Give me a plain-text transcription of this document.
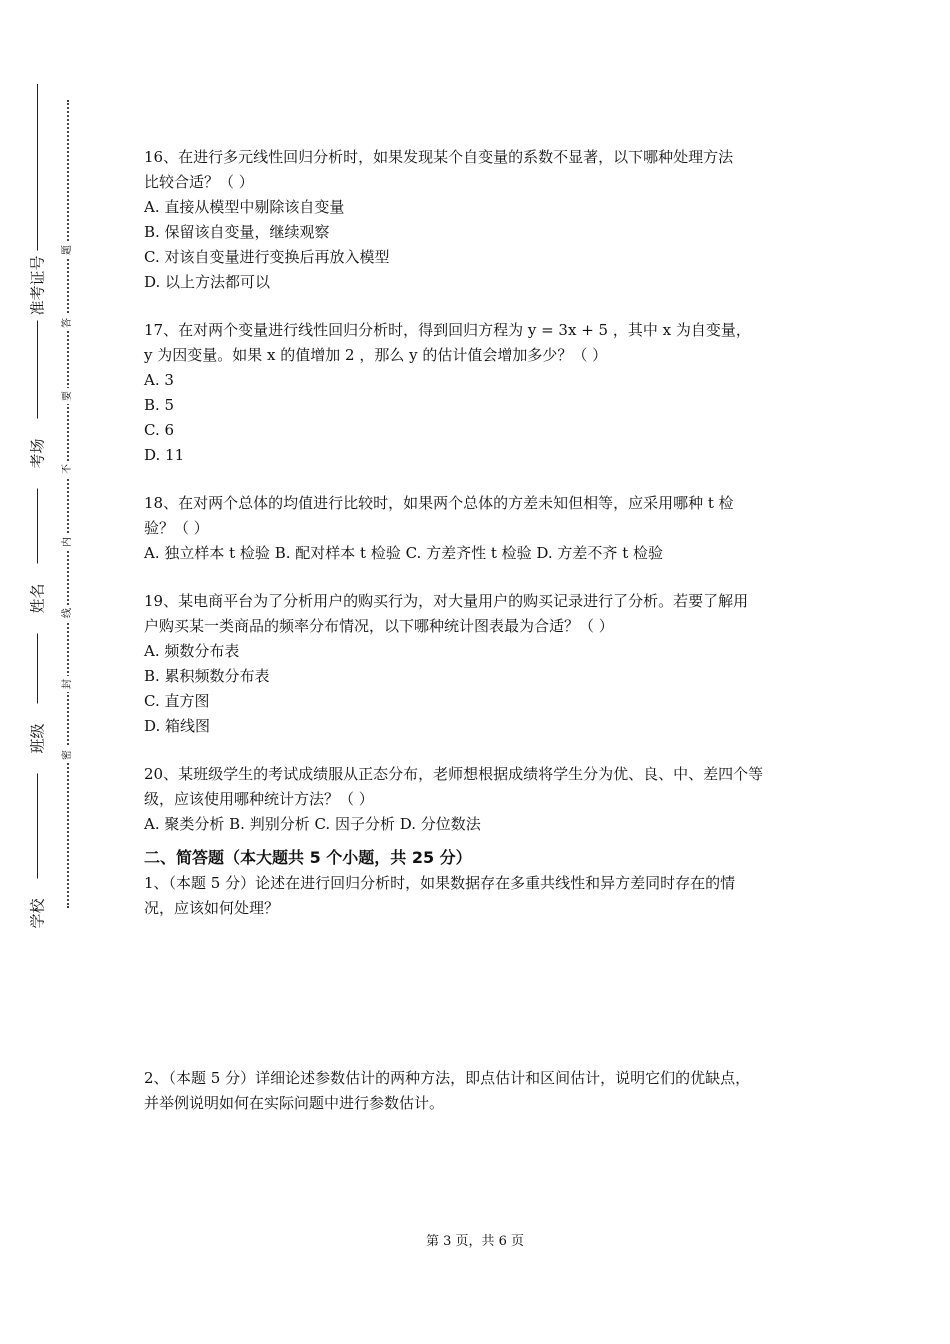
准考证号
考场
姓名
班级
学校
题
答
要
不
内
线
封
密

16、在进行多元线性回归分析时，如果发现某个自变量的系数不显著，以下哪种处理方法

比较合适？（ ）

A. 直接从模型中剔除该自变量

B. 保留该自变量，继续观察

C. 对该自变量进行变换后再放入模型

D. 以上方法都可以

17、在对两个变量进行线性回归分析时，得到回归方程为 y = 3x + 5 ，其中 x 为自变量，

y 为因变量。如果 x 的值增加 2 ，那么 y 的估计值会增加多少？（ ）

A. 3

B. 5

C. 6

D. 11

18、在对两个总体的均值进行比较时，如果两个总体的方差未知但相等，应采用哪种 t 检

验？（ ）

A. 独立样本 t 检验 B. 配对样本 t 检验 C. 方差齐性 t 检验 D. 方差不齐 t 检验

19、某电商平台为了分析用户的购买行为，对大量用户的购买记录进行了分析。若要了解用

户购买某一类商品的频率分布情况，以下哪种统计图表最为合适？（ ）

A. 频数分布表

B. 累积频数分布表

C. 直方图

D. 箱线图

20、某班级学生的考试成绩服从正态分布，老师想根据成绩将学生分为优、良、中、差四个等

级，应该使用哪种统计方法？（ ）

A. 聚类分析 B. 判别分析 C. 因子分析 D. 分位数法

二、简答题（本大题共 5 个小题，共 25 分）

1、（本题 5 分）论述在进行回归分析时，如果数据存在多重共线性和异方差同时存在的情

况，应该如何处理？

2、（本题 5 分）详细论述参数估计的两种方法，即点估计和区间估计，说明它们的优缺点，

并举例说明如何在实际问题中进行参数估计。

第 3 页，共 6 页
